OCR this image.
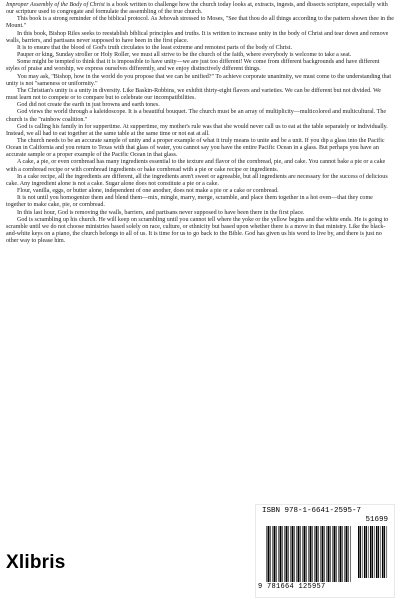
Improper Assembly of the Body of Christ is a book written to challenge how the church today looks at, extracts, ingests, and dissects scripture, especially with our scripture used to congregate and formulate the assembling of the true church.

This book is a strong reminder of the biblical protocol. As Jehovah stressed to Moses, "See that thou do all things according to the pattern shown thee in the Mount."

In this book, Bishop Riles seeks to reestablish biblical principles and truths. It is written to increase unity in the body of Christ and tear down and remove walls, barriers, and partisans never supposed to have been in the first place.

It is to ensure that the blood of God's truth circulates to the least extreme and remotest parts of the body of Christ.

Pauper or king, Sunday stroller or Holy Roller, we must all strive to be the church of the faith, where everybody is welcome to take a seat.

Some might be tempted to think that it is impossible to have unity—we are just too different! We come from different backgrounds and have different styles of praise and worship, we express ourselves differently, and we enjoy distinctively different things.

You may ask, "Bishop, how in the world do you propose that we can be unified?" To achieve corporate unanimity, we must come to the understanding that unity is not "sameness or uniformity."

The Christian's unity is a unity in diversity. Like Baskin-Robbins, we exhibit thirty-eight flavors and varieties. We can be different but not divided. We must learn not to compete or to compare but to celebrate our incompatibilities.

God did not create the earth in just browns and earth tones.

God views the world through a kaleidoscope. It is a beautiful bouquet. The church must be an array of multiplicity—multicolored and multicultural. The church is the "rainbow coalition."

God is calling his family in for suppertime. At suppertime, my mother's rule was that she would never call us to eat at the table separately or individually. Instead, we all had to eat together at the same table at the same time or not eat at all.

The church needs to be an accurate sample of unity and a proper example of what it truly means to unite and be a unit. If you dip a glass into the Pacific Ocean in California and you return to Texas with that glass of water, you cannot say you have the entire Pacific Ocean in a glass. But perhaps you have an accurate sample or a proper example of the Pacific Ocean in that glass.

A cake, a pie, or even cornbread has many ingredients essential to the texture and flavor of the cornbread, pie, and cake. You cannot bake a pie or a cake with a cornbread recipe or with cornbread ingredients or bake cornbread with a pie or cake recipe or ingredients.

In a cake recipe, all the ingredients are different, all the ingredients aren't sweet or agreeable, but all ingredients are necessary for the success of delicious cake. Any ingredient alone is not a cake. Sugar alone does not constitute a pie or a cake.

Flour, vanilla, eggs, or butter alone, independent of one another, does not make a pie or a cake or cornbread.

It is not until you homogenize them and blend them—mix, mingle, marry, merge, scramble, and place them together in a hot oven—that they come together to make cake, pie, or cornbread.

In this last hour, God is removing the walls, barriers, and partisans never supposed to have been there in the first place.

God is scrambling up his church. He will keep on scrambling until you cannot tell where the yoke or the yellow begins and the white ends. He is going to scramble until we do not choose ministries based solely on race, culture, or ethnicity but based upon whether there is a move in that ministry. Like the black-and-white keys on a piano, the church belongs to all of us. It is time for us to go back to the Bible. God has given us his word to live by, and there is just no other way to please him.

Xlibris
ISBN 978-1-6641-2595-7
51699
9 781664 125957
